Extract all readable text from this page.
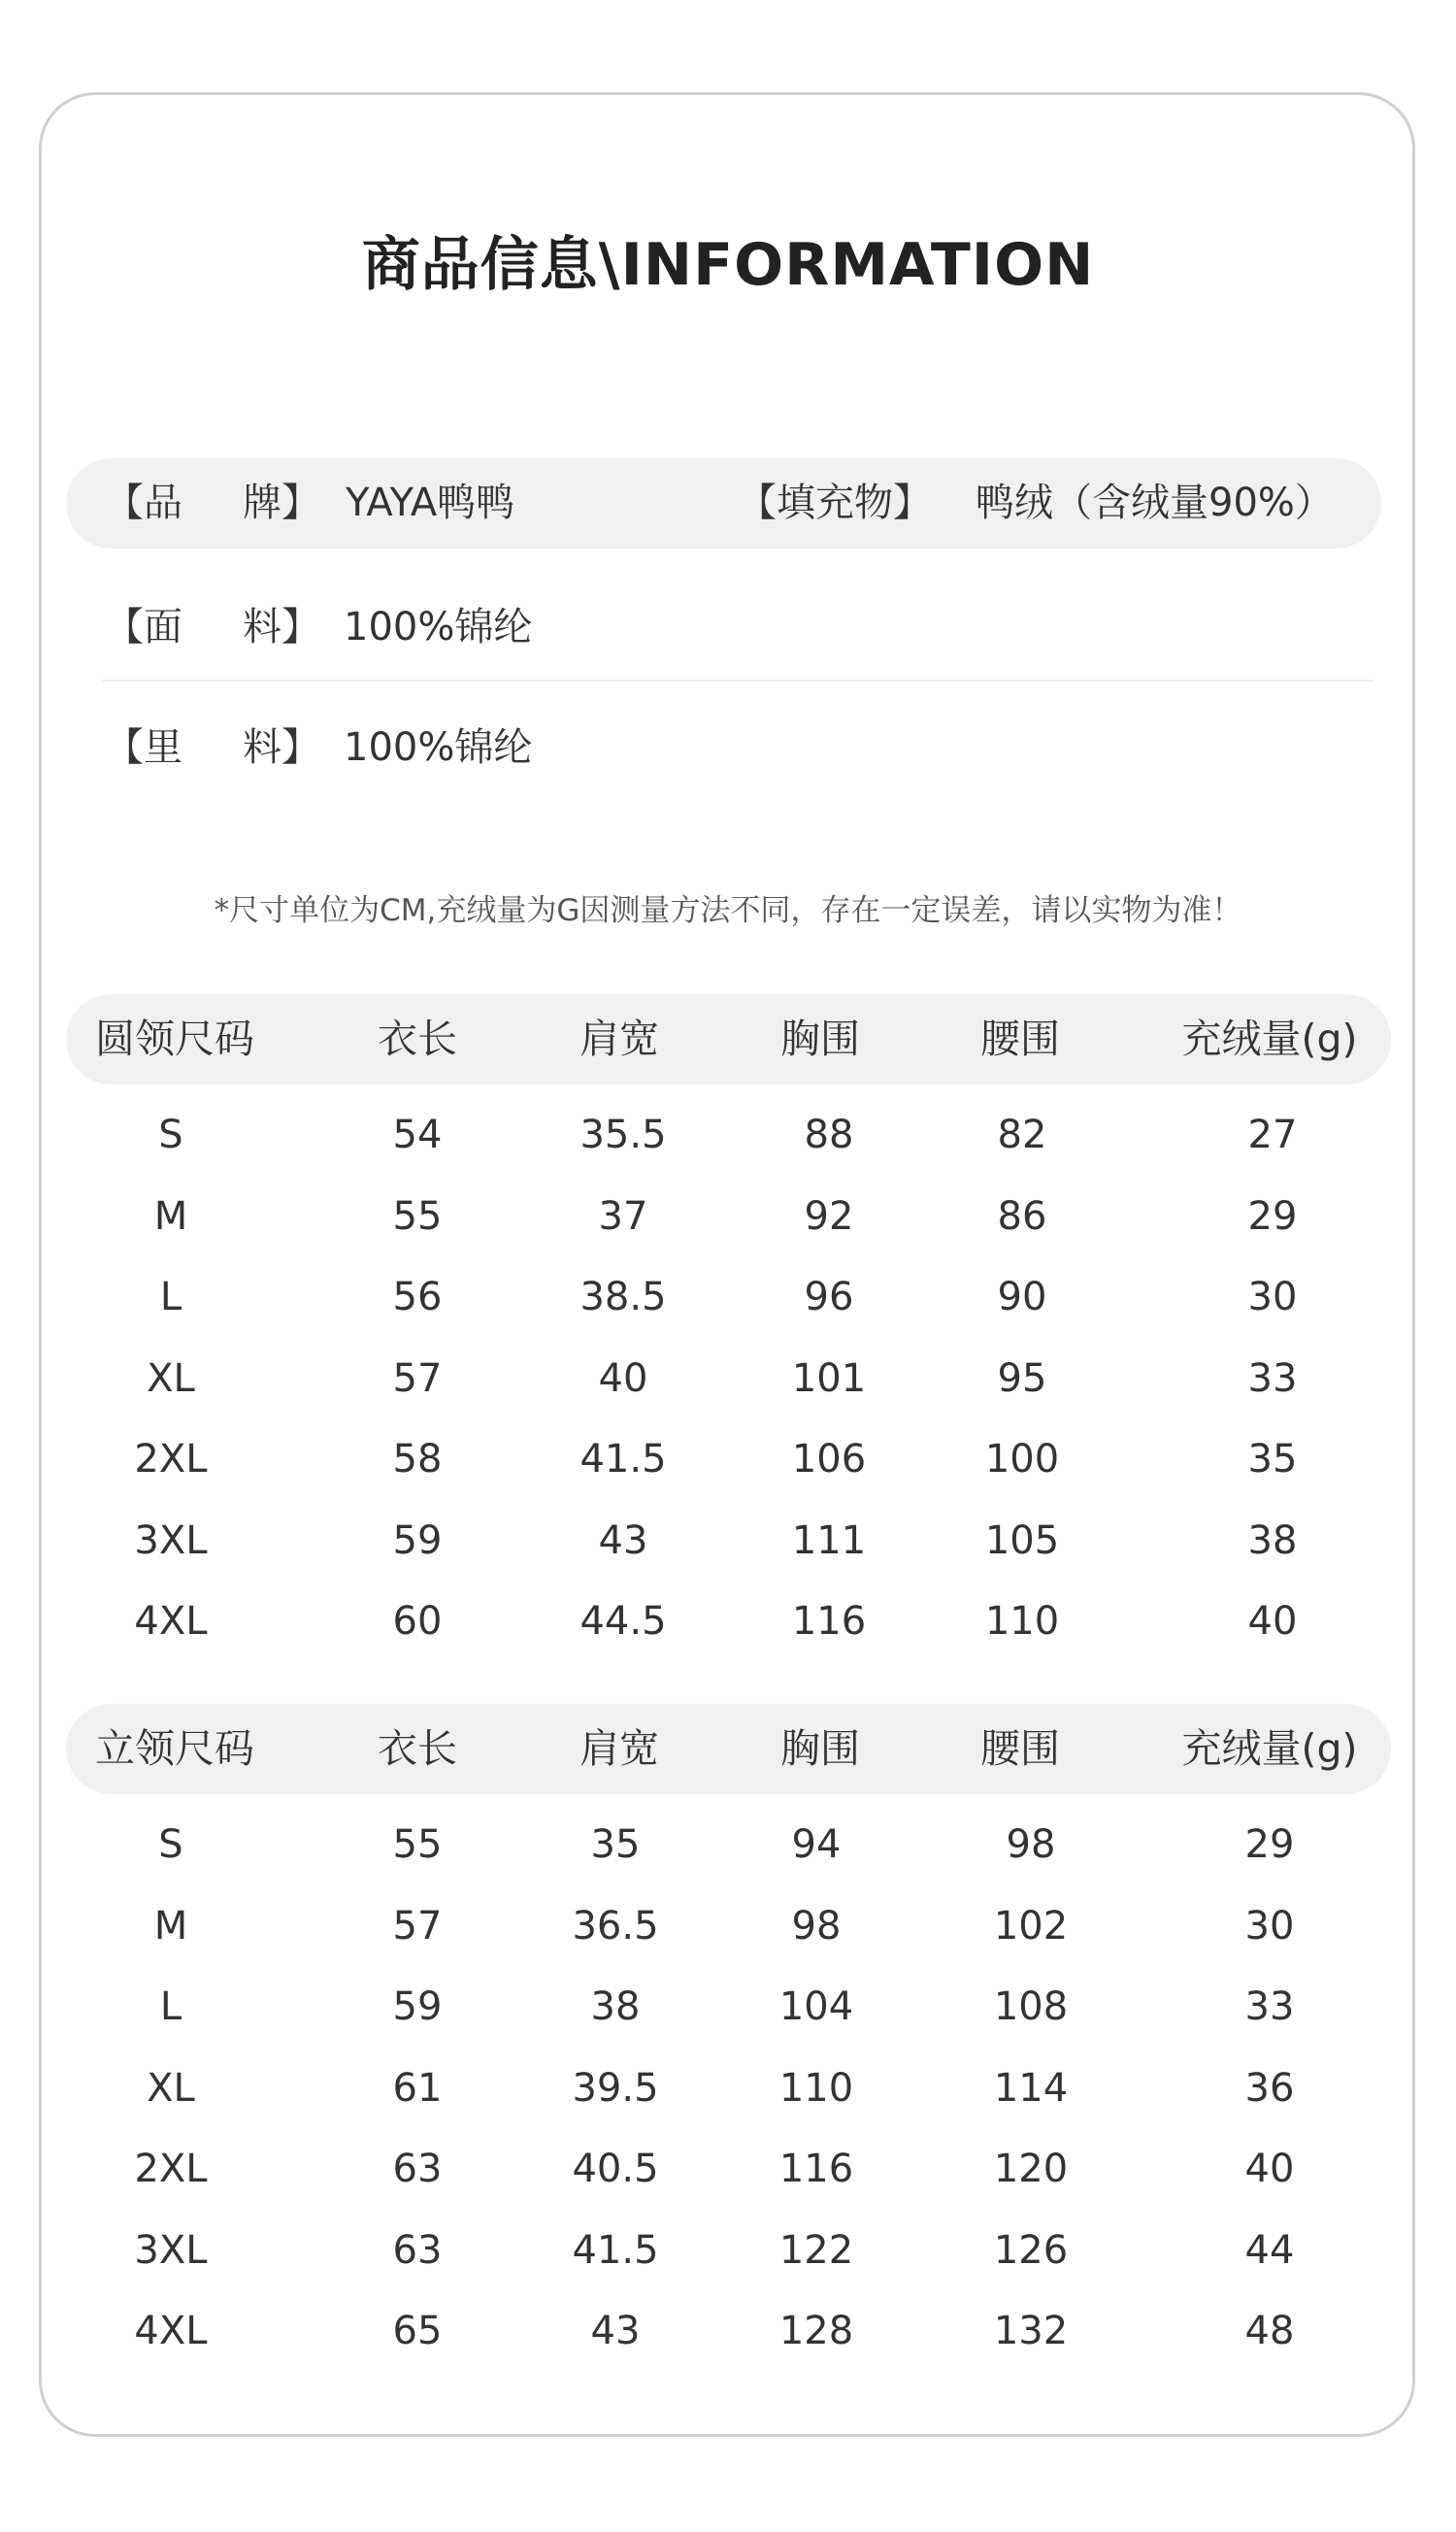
商品信息\INFORMATION
【品 牌】 YAYA鸭鸭	【填充物】 鸭绒（含绒量90%）
【面 料】 100%锦纶
【里 料】 100%锦纶
*尺寸单位为CM,充绒量为G因测量方法不同，存在一定误差，请以实物为准！
圆领尺码	衣长	肩宽	胸围	腰围	充绒量(g)
S	54	35.5	88	82	27
M	55	37	92	86	29
L	56	38.5	96	90	30
XL	57	40	101	95	33
2XL	58	41.5	106	100	35
3XL	59	43	111	105	38
4XL	60	44.5	116	110	40
立领尺码	衣长	肩宽	胸围	腰围	充绒量(g)
S	55	35	94	98	29
M	57	36.5	98	102	30
L	59	38	104	108	33
XL	61	39.5	110	114	36
2XL	63	40.5	116	120	40
3XL	63	41.5	122	126	44
4XL	65	43	128	132	48
